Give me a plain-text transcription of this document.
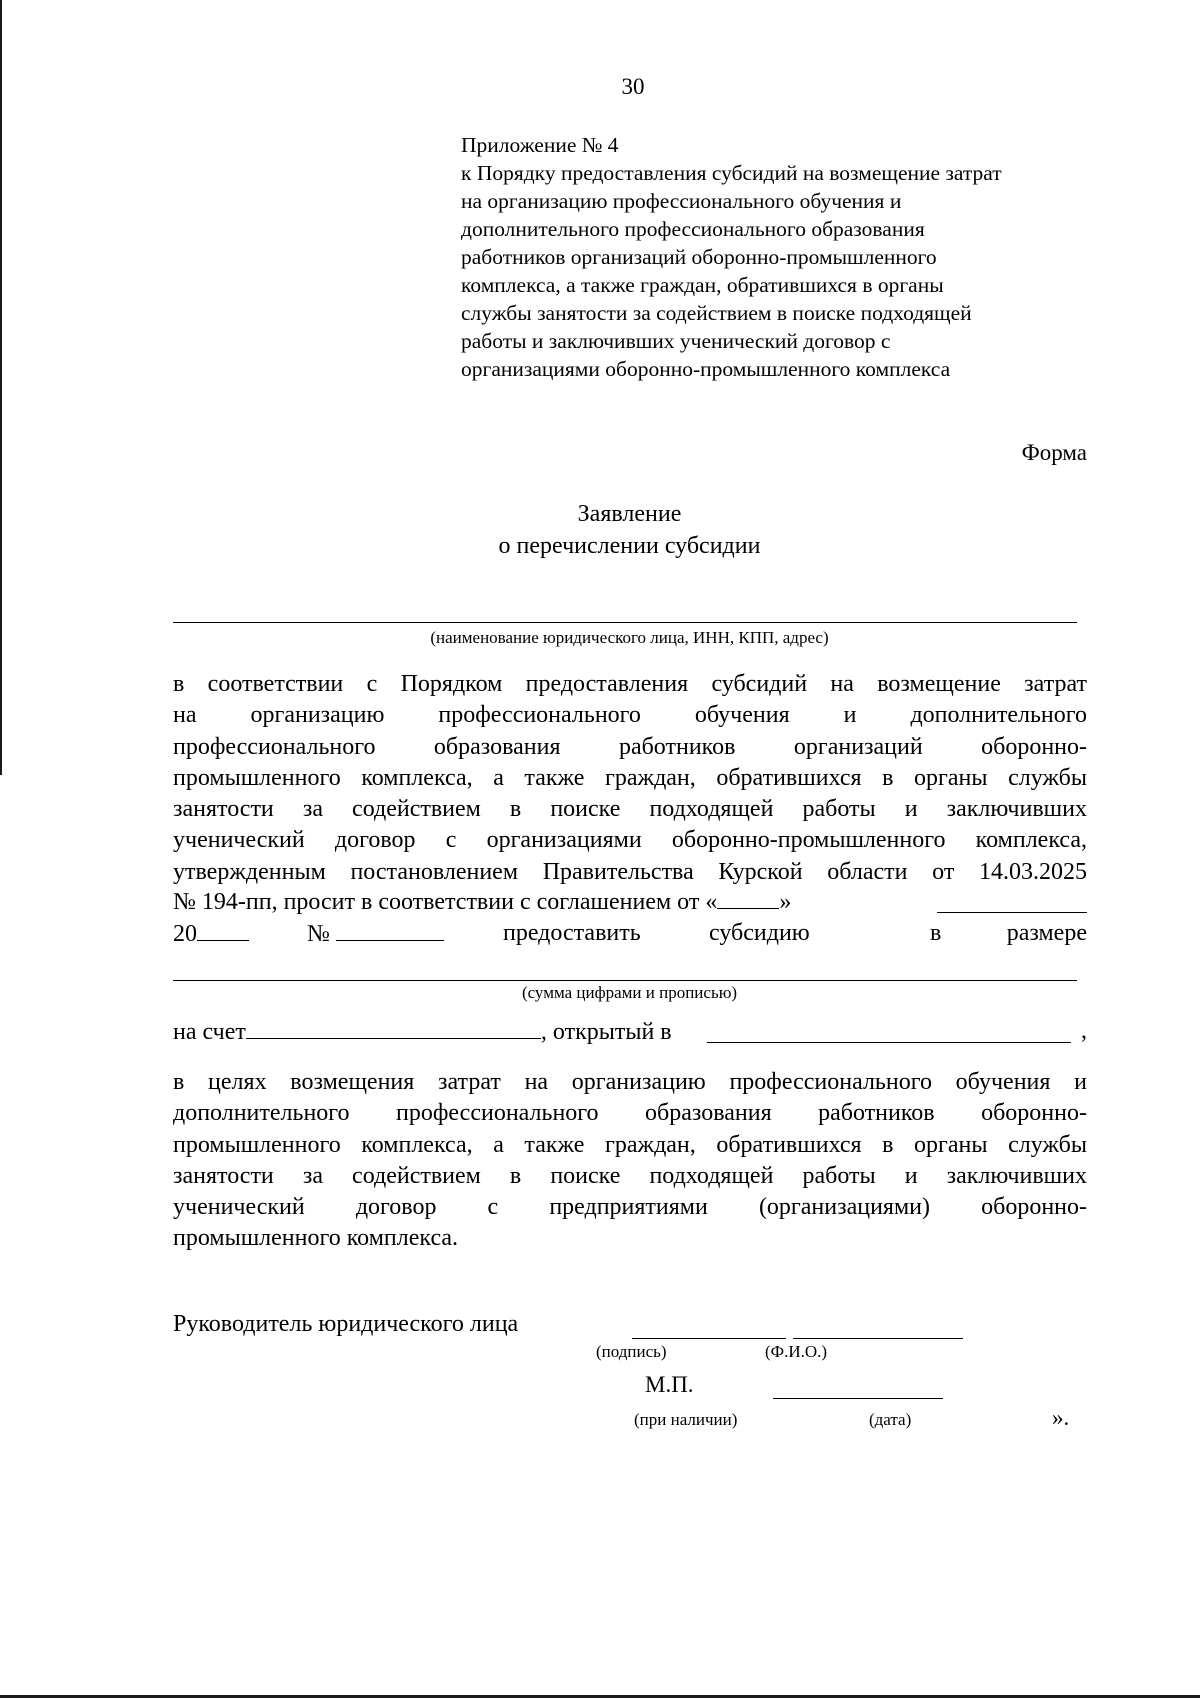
30
Приложение № 4
к Порядку предоставления субсидий на возмещение затрат
на организацию профессионального обучения и
дополнительного профессионального образования
работников организаций оборонно-промышленного
комплекса, а также граждан, обратившихся в органы
службы занятости за содействием в поиске подходящей
работы и заключивших ученический договор с
организациями оборонно-промышленного комплекса
Форма
Заявление
о перечислении субсидии
(наименование юридического лица, ИНН, КПП, адрес)
в соответствии с Порядком предоставления субсидий на возмещение затрат
на организацию профессионального обучения и дополнительного
профессионального образования работников организаций оборонно-
промышленного комплекса, а также граждан, обратившихся в органы службы
занятости за содействием в поиске подходящей работы и заключивших
ученический договор с организациями оборонно-промышленного комплекса,
утвержденным постановлением Правительства Курской области от 14.03.2025
№ 194-пп, просит в соответствии с соглашением от «	»
20	№	предоставить	субсидию	в	размере
(сумма цифрами и прописью)
на счет	, открытый в	,
в целях возмещения затрат на организацию профессионального обучения и
дополнительного профессионального образования работников оборонно-
промышленного комплекса, а также граждан, обратившихся в органы службы
занятости за содействием в поиске подходящей работы и заключивших
ученический договор с предприятиями (организациями) оборонно-
промышленного комплекса.
Руководитель юридического лица
(подпись)	(Ф.И.О.)
М.П.
(при наличии)	(дата)	».
